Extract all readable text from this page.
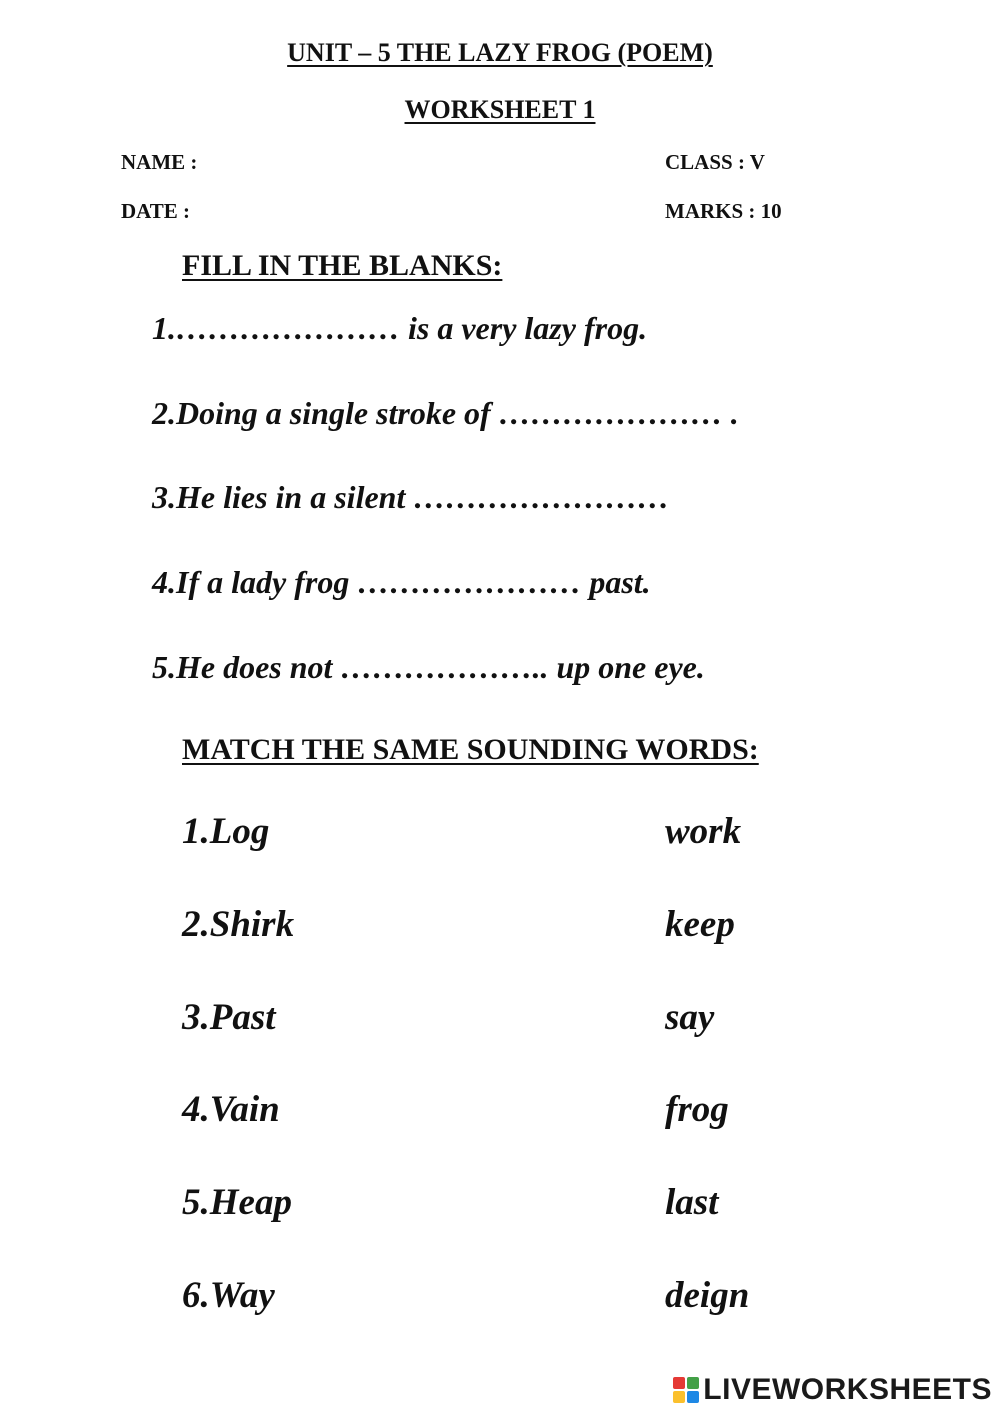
UNIT – 5 THE LAZY FROG (POEM)
WORKSHEET 1
NAME :	CLASS : V
DATE :	MARKS : 10
FILL IN THE BLANKS:
1.………………… is a very lazy frog.
2.Doing a single stroke of ………………… .
3.He lies in a silent ……………………
4.If a lady frog ………………… past.
5.He does not ……………….. up one eye.
MATCH THE SAME SOUNDING WORDS:
1.Log	work
2.Shirk	keep
3.Past	say
4.Vain	frog
5.Heap	last
6.Way	deign
LIVEWORKSHEETS
